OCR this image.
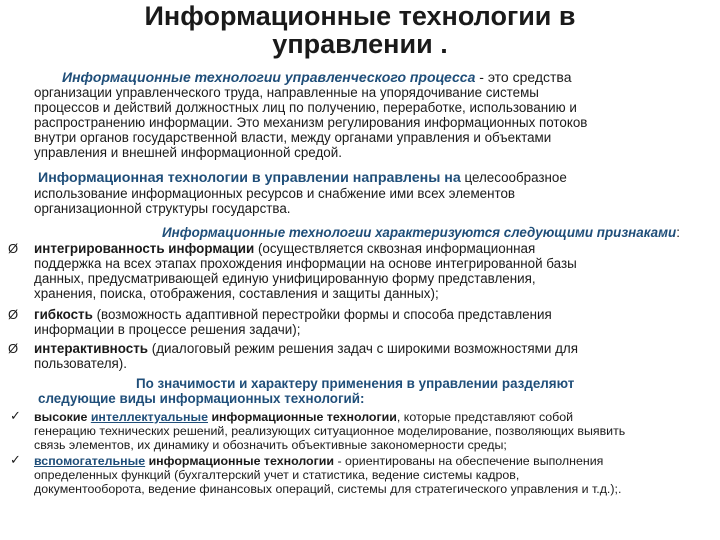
Информационные технологии в
управлении .
Информационные технологии управленческого процесса - это средства
организации управленческого труда, направленные на упорядочивание системы
процессов и действий должностных лиц по получению, переработке, использованию и
распространению информации. Это механизм регулирования информационных потоков
внутри органов государственной власти, между органами управления и объектами
управления и внешней информационной средой.
Информационная технологии в управлении направлены на целесообразное
использование информационных ресурсов и снабжение ими всех элементов
организационной структуры государства.
Информационные технологии характеризуются следующими признаками:
Ø интегрированность информации (осуществляется сквозная информационная
поддержка на всех этапах прохождения информации на основе интегрированной базы
данных, предусматривающей единую унифицированную форму представления,
хранения, поиска, отображения, составления и защиты данных);
Ø гибкость (возможность адаптивной перестройки формы и способа представления
информации в процессе решения задачи);
Ø интерактивность (диалоговый режим решения задач с широкими возможностями для
пользователя).
По значимости и характеру применения в управлении разделяют
следующие виды информационных технологий:
✓ высокие интеллектуальные информационные технологии, которые представляют собой
генерацию технических решений, реализующих ситуационное моделирование, позволяющих выявить
связь элементов, их динамику и обозначить объективные закономерности среды;
✓ вспомогательные информационные технологии - ориентированы на обеспечение выполнения
определенных функций (бухгалтерский учет и статистика, ведение системы кадров,
документооборота, ведение финансовых операций, системы для стратегического управления и т.д.);.
